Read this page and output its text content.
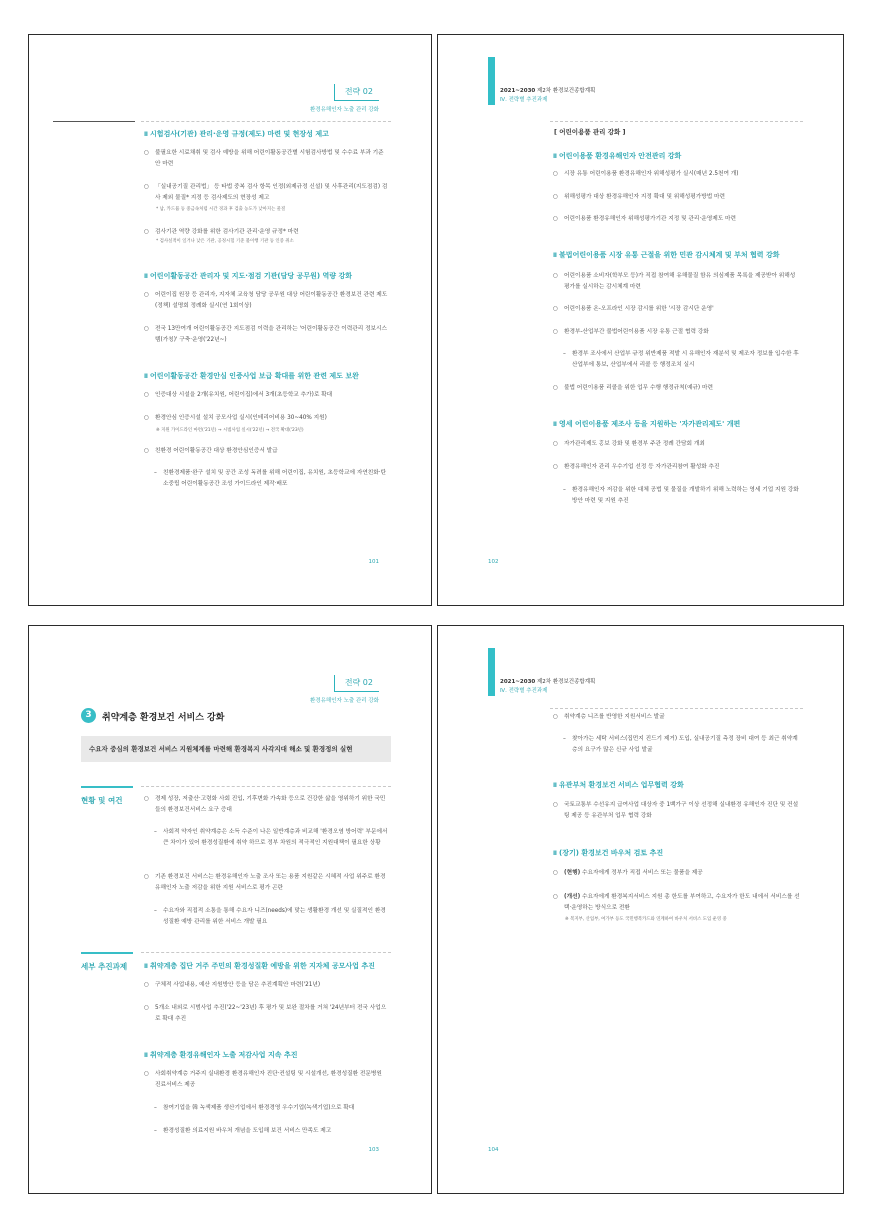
전략 02
환경유해인자 노출 관리 강화
Ⅱ 시험검사(기관) 관리·운영 규정(제도) 마련 및 현장성 제고
○ 불필요한 시료채취 및 검사 예방을 위해 어린이활동공간별 시험검사방법 및 수수료 부과 기준안 마련
○ 「실내공기질 관리법」 등 타법 중복 검사 항목 인정(외제규정 신설) 및 사후관리(지도점검) 검사 제외 물질* 지정 등 검사제도의 현장성 제고
* 납, 카드뮴 등 중금속처럼 시간 경과 후 검출 농도가 낮아지는 물질
○ 검사기관 역량 강화를 위한 검사기관 관리·운영 규정* 마련
* 검사실적이 일거나 낮은 기관, 공정시험 기준 불이행 기관 등 인증 취소
Ⅱ 어린이활동공간 관리자 및 지도·점검 기관(담당 공무원) 역량 강화
○ 어린이집 원장 등 관리자, 지자체 교육청 담당 공무원 대상 어린이활동공간 환경보건 관련 제도(정책) 설명회 정례화 실시(연 1회이상)
○ 전국 13만여개 어린이활동공간 지도점검 이력을 관리하는 '어린이활동공간 이력관리 정보시스템(가칭)' 구축·운영('22년~)
Ⅱ 어린이활동공간 환경안심 인증사업 보급 확대를 위한 관련 제도 보완
○ 인증대상 시설을 2개(유치원, 어린이집)에서 3개(초등학교 추가)로 확대
○ 환경안심 인증시설 설치 공모사업 실시(인테리어비용 30~40% 지원)
※ 지원 가이드라인 마련('21년) → 시범사업 실시('22년) → 전국 확대('23년)
○ 친환경 어린이활동공간 대상 환경안심인증서 발급
– 친환경제품·완구 설치 및 공간 조성 독려를 위해 어린이집, 유치원, 초등학교에 자연친화·탄소중립 어린이활동공간 조성 가이드라인 제작·배포
101
2021~2030 제2차 환경보건종합계획
Ⅳ. 전략별 추진과제
[ 어린이용품 관리 강화 ]
Ⅱ 어린이용품 환경유해인자 안전관리 강화
○ 시장 유통 어린이용품 환경유해인자 위해성평가 실시(매년 2.5천여 개)
○ 위해성평가 대상 환경유해인자 지정 확대 및 위해성평가방법 마련
○ 어린이용품 환경유해인자 위해성평가기관 지정 및 관리·운영제도 마련
Ⅱ 불법어린이용품 시장 유통 근절을 위한 민관 감시체계 및 부처 협력 강화
○ 어린이용품 소비자(학부모 등)가 직접 참여해 유해물질 함유 의심제품 목록을 제공받아 위해성평가를 실시하는 감시체계 마련
○ 어린이용품 온-오프라인 시장 감시를 위한 '시장 감시단 운영'
○ 환경부-산업부간 불법어린이용품 시장 유통 근절 협력 강화
– 환경부 조사에서 산업부 규정 위반제품 적발 시 유해인자 재분석 및 제조자 정보를 입수한 후 산업부에 통보, 산업부에서 리콜 등 행정조치 실시
○ 불법 어린이용품 리콜을 위한 업무 수행 행정규칙(예규) 마련
Ⅱ 영세 어린이용품 제조사 등을 지원하는 '자가관리제도' 개편
○ 자가관리제도 홍보 강화 및 환경부 주관 정례 간담회 개최
○ 환경유해인자 관리 우수기업 선정 등 자가관리참여 활성화 추진
– 환경유해인자 저감을 위한 대체 공법 및 물질을 개발하기 위해 노력하는 영세 기업 지원 강화방안 마련 및 지원 추진
102
전략 02
환경유해인자 노출 관리 강화
3	취약계층 환경보건 서비스 강화
수요자 중심의 환경보건 서비스 지원체계를 마련해 환경복지 사각지대 해소 및 환경정의 실현
현황 및 여건	○ 경제 성장, 저출산·고령화 사회 진입, 기후변화 가속화 등으로 건강한 삶을 영위하기 위한 국민들의 환경보건서비스 요구 증대
– 사회적 약자인 취약계층은 소득 수준이 나은 일반계층과 비교해 '환경오염 방어력' 부문에서 큰 차이가 있어 환경성질환에 취약 하므로 정부 차원의 적극적인 지원대책이 필요한 상황
○ 기존 환경보건 서비스는 환경유해인자 노출 조사 또는 용품 지원같은 시혜적 사업 위주로 환경유해인자 노출 저감을 위한 지원 서비스로 평가 곤란
– 수요자와 직접적 소통을 통해 수요자 니즈(needs)에 맞는 생활환경 개선 및 실질적인 환경성질환 예방 관리를 위한 서비스 개발 필요
세부 추진과제
Ⅱ	취약계층 집단 거주 주민의 환경성질환 예방을 위한 지자체 공모사업 추진
○ 구체적 사업내용, 예산 지원방안 등을 담은 추진계획안 마련('21년)
○ 5개소 내외로 시범사업 추진('22~'23년) 후 평가 및 보완 절차를 거쳐 '24년부터 전국 사업으로 확대 추진
Ⅱ 취약계층 환경유해인자 노출 저감사업 지속 추진
○ 사회취약계층 거주지 실내환경 환경유해인자 진단·컨설팅 및 시설개선, 환경성질환 전문병원 진료서비스 제공
– 참여기업을 韓 녹색제품 생산기업에서 환경경영 우수기업(녹색기업)으로 확대
– 환경성질환 의료지원 바우처 개념을 도입해 보건 서비스 만족도 제고
103
2021~2030 제2차 환경보건종합계획
Ⅳ. 전략별 추진과제
○ 취약계층 니즈를 반영한 지원서비스 발굴
– 찾아가는 세탁 서비스(집먼지 진드기 제거) 도입, 실내공기질 측정 장비 대여 등 최근 취약계층의 요구가 많은 신규 사업 발굴
Ⅱ 유관부처 환경보건 서비스 업무협력 강화
○ 국토교통부 수선유지 급여사업 대상자 중 1백가구 이상 선정해 실내환경 유해인자 진단 및 컨설팅 제공 등 유관부처 업무 협력 강화
Ⅱ (장기) 환경보건 바우처 검토 추진
○ (현행) 수요자에게 정부가 직접 서비스 또는 물품을 제공
○ (개선) 수요자에게 환경복지서비스 지원 총 한도를 부여하고, 수요자가 한도 내에서 서비스를 선택·운영하는 방식으로 전환
※ 복지부, 산업부, 여가부 등도 국민행복카드와 연계하여 바우처 서비스 도입 운영 중
104
